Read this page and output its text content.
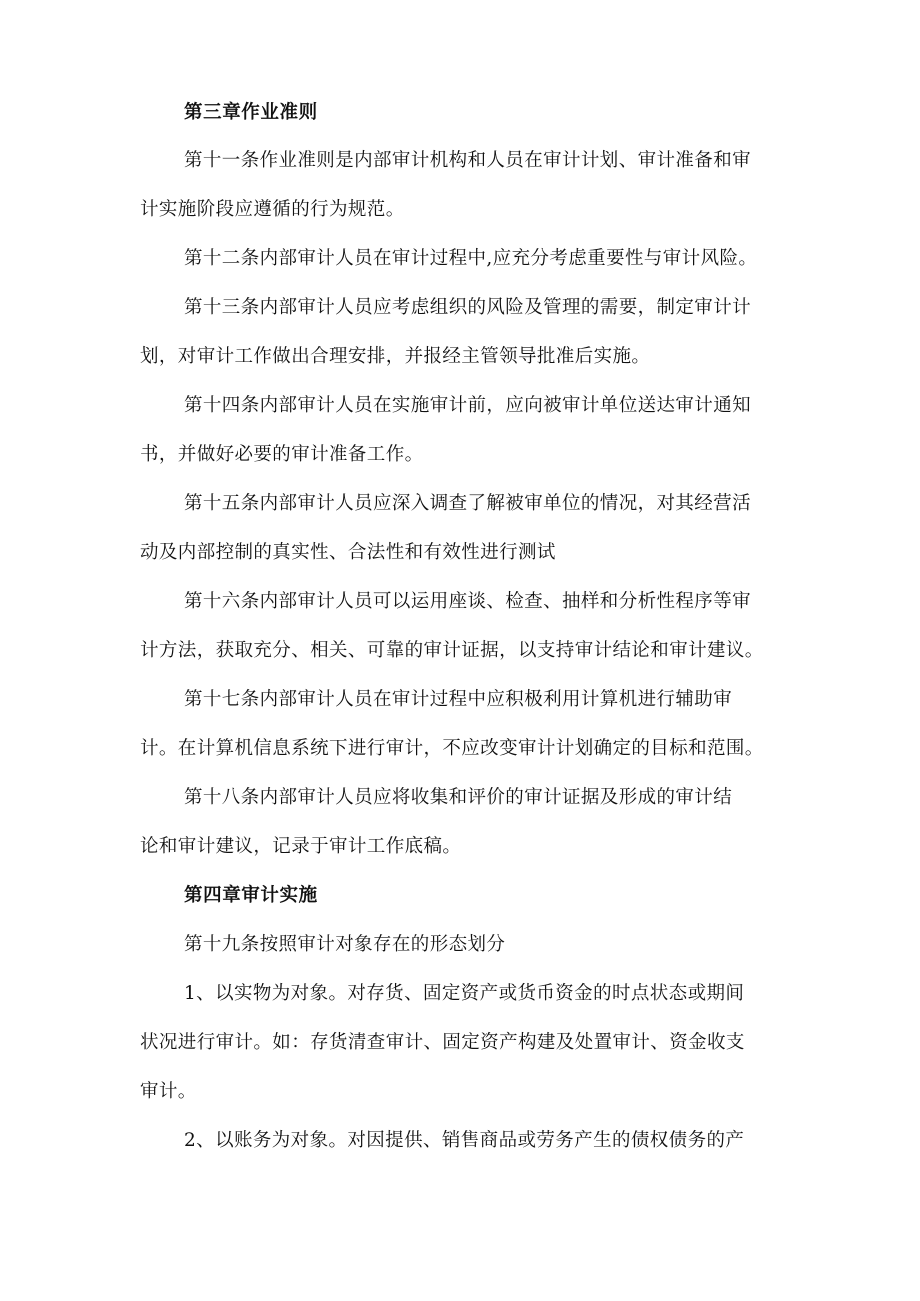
第三章作业准则
第十一条作业准则是内部审计机构和人员在审计计划、审计准备和审
计实施阶段应遵循的行为规范。
第十二条内部审计人员在审计过程中,应充分考虑重要性与审计风险。
第十三条内部审计人员应考虑组织的风险及管理的需要，制定审计计
划，对审计工作做出合理安排，并报经主管领导批准后实施。
第十四条内部审计人员在实施审计前，应向被审计单位送达审计通知
书，并做好必要的审计准备工作。
第十五条内部审计人员应深入调查了解被审单位的情况，对其经营活
动及内部控制的真实性、合法性和有效性进行测试
第十六条内部审计人员可以运用座谈、检查、抽样和分析性程序等审
计方法，获取充分、相关、可靠的审计证据，以支持审计结论和审计建议。
第十七条内部审计人员在审计过程中应积极利用计算机进行辅助审
计。在计算机信息系统下进行审计，不应改变审计计划确定的目标和范围。
第十八条内部审计人员应将收集和评价的审计证据及形成的审计结
论和审计建议，记录于审计工作底稿。
第四章审计实施
第十九条按照审计对象存在的形态划分
1、以实物为对象。对存货、固定资产或货币资金的时点状态或期间
状况进行审计。如：存货清查审计、固定资产构建及处置审计、资金收支
审计。
2、以账务为对象。对因提供、销售商品或劳务产生的债权债务的产
